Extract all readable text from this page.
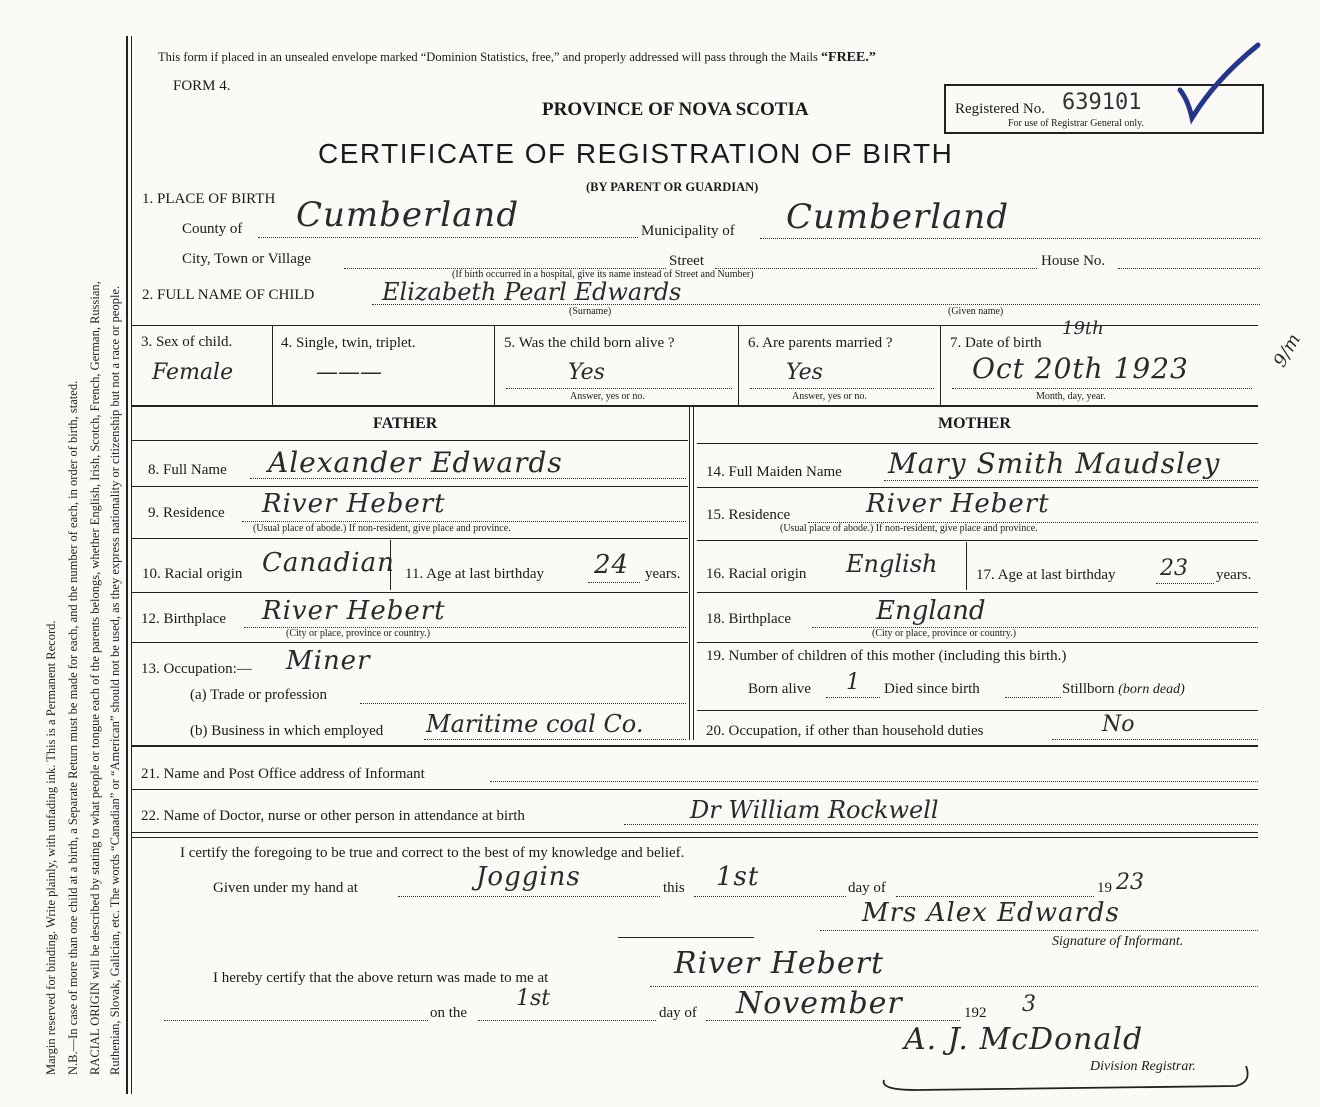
Margin reserved for binding. Write plainly, with unfading ink. This is a Permanent Record. N.B.—In case of more than one child at a birth, a Separate Return must be made for each, and the number of each, in order of birth, stated. RACIAL ORIGIN will be described by stating to what people or tongue each of the parents belongs, whether English, Irish, Scotch, French, German, Russian, Ruthenian, Slovak, Galician, etc. The words “Canadian” or “American” should not be used, as they express nationality or citizenship but not a race or people.
This form if placed in an unsealed envelope marked “Dominion Statistics, free,” and properly addressed will pass through the Mails “FREE.”
FORM 4.
PROVINCE OF NOVA SCOTIA	Registered No. 639101
For use of Registrar General only.
CERTIFICATE OF REGISTRATION OF BIRTH
(BY PARENT OR GUARDIAN)
1. PLACE OF BIRTH
County of Cumberland	Municipality of Cumberland
City, Town or Village	Street	House No.
(If birth occurred in a hospital, give its name instead of Street and Number)
2. FULL NAME OF CHILD	Elizabeth Pearl Edwards
(Surname)	(Given name)
3. Sex of child.
Female
4. Single, twin, triplet.
———
5. Was the child born alive ?
Yes
Answer, yes or no.
6. Are parents married ?
Yes
Answer, yes or no.
7. Date of birth
19th
Oct 20th 1923
Month, day, year.
9/m
FATHER	MOTHER
8. Full Name Alexander Edwards
9. Residence River Hebert
(Usual place of abode.) If non-resident, give place and province.
10. Racial origin Canadian 11. Age at last birthday 24 years.
12. Birthplace River Hebert
(City or place, province or country.)
13. Occupation:— Miner
(a) Trade or profession
(b) Business in which employed Maritime coal Co.
14. Full Maiden Name Mary Smith Maudsley
15. Residence	River Hebert
(Usual place of abode.) If non-resident, give place and province.
16. Racial origin English	17. Age at last birthday 23 years.
18. Birthplace	England
(City or place, province or country.)
19. Number of children of this mother (including this birth.)
Born alive 1 Died since birth	Stillborn (born dead)
20. Occupation, if other than household duties	No
21. Name and Post Office address of Informant
22. Name of Doctor, nurse or other person in attendance at birth	Dr William Rockwell
I certify the foregoing to be true and correct to the best of my knowledge and belief.
Given under my hand at	Joggins	this 1st	day of	19 23
Mrs Alex Edwards
Signature of Informant.
I hereby certify that the above return was made to me at	River Hebert
on the
1st
day of November	192 3
A. J. McDonald
Division Registrar.
